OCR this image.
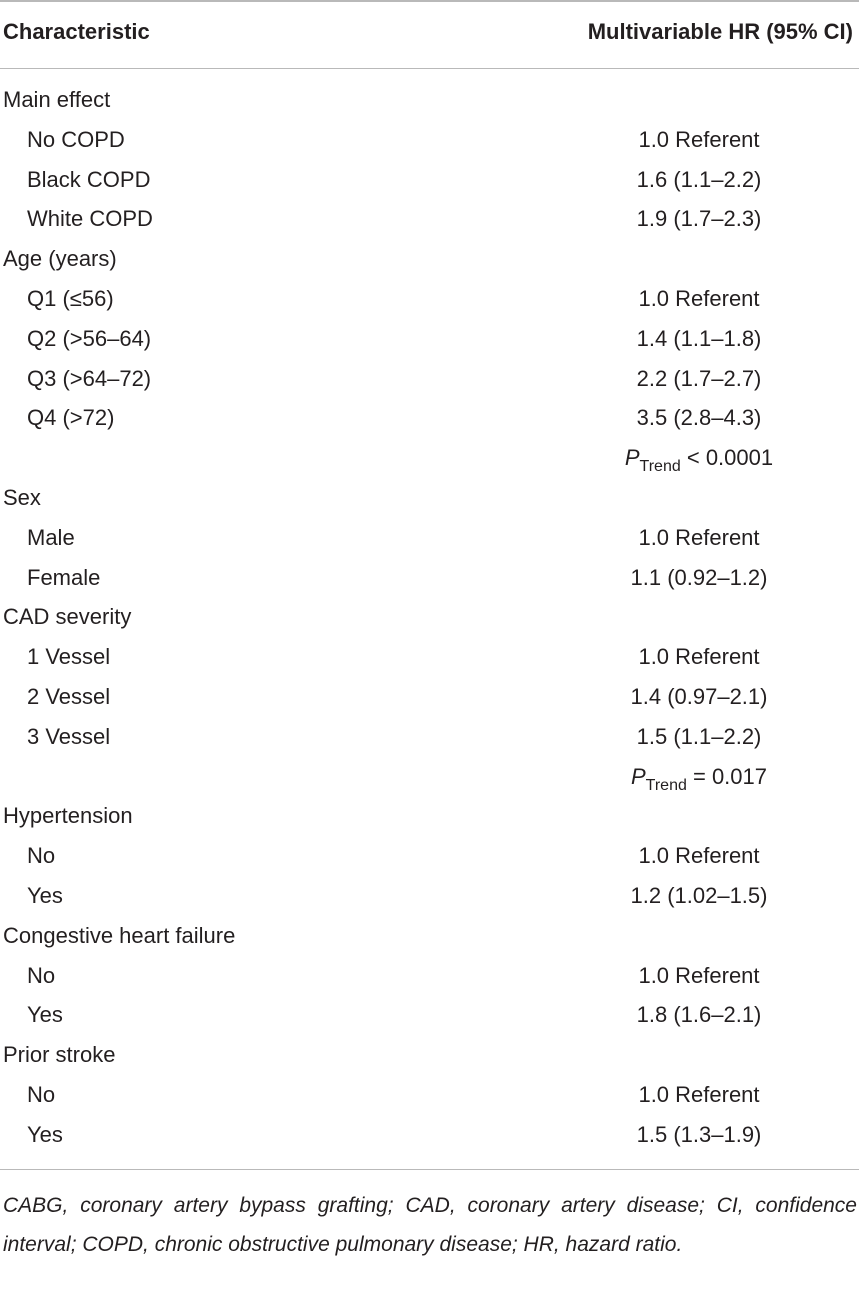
Characteristic	Multivariable HR (95% CI)
Main effect
No COPD	1.0 Referent
Black COPD	1.6 (1.1–2.2)
White COPD	1.9 (1.7–2.3)
Age (years)
Q1 (≤56)	1.0 Referent
Q2 (>56–64)	1.4 (1.1–1.8)
Q3 (>64–72)	2.2 (1.7–2.7)
Q4 (>72)	3.5 (2.8–4.3)
$P_{Trend} < 0.0001$
Sex
Male	1.0 Referent
Female	1.1 (0.92–1.2)
CAD severity
1 Vessel	1.0 Referent
2 Vessel	1.4 (0.97–2.1)
3 Vessel	1.5 (1.1–2.2)
$P_{Trend} = 0.017$
Hypertension
No	1.0 Referent
Yes	1.2 (1.02–1.5)
Congestive heart failure
No	1.0 Referent
Yes	1.8 (1.6–2.1)
Prior stroke
No	1.0 Referent
Yes	1.5 (1.3–1.9)
CABG, coronary artery bypass grafting; CAD, coronary artery disease; CI, confidence interval; COPD, chronic obstructive pulmonary disease; HR, hazard ratio.
